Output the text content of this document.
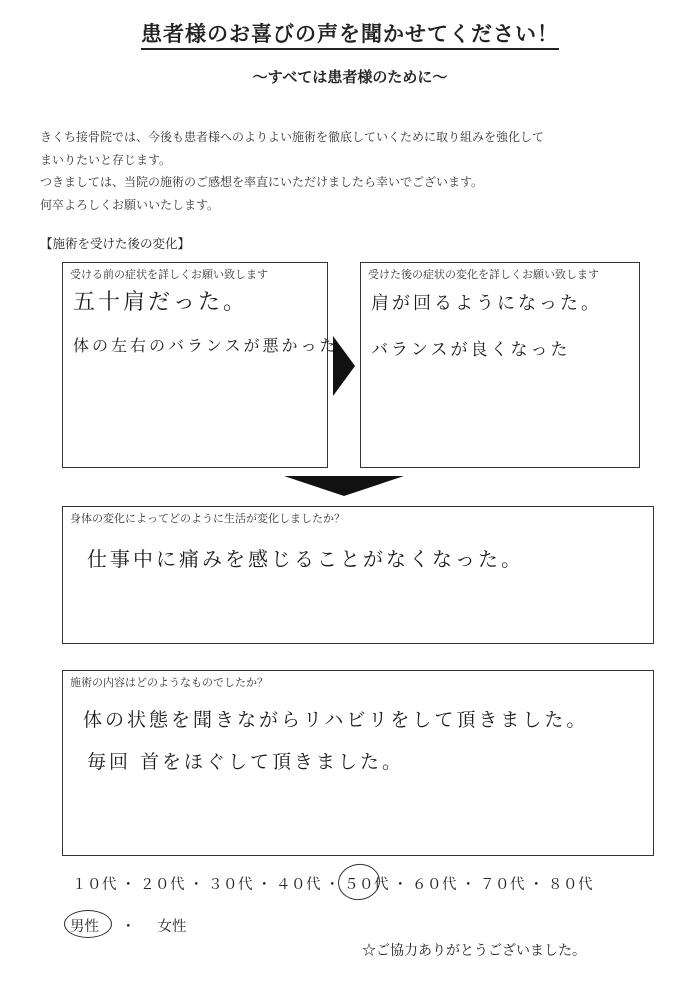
患者様のお喜びの声を聞かせてください！
～すべては患者様のために～
きくち接骨院では、今後も患者様へのよりよい施術を徹底していくために取り組みを強化して
まいりたいと存じます。
つきましては、当院の施術のご感想を率直にいただけましたら幸いでございます。
何卒よろしくお願いいたします。
【施術を受けた後の変化】
受ける前の症状を詳しくお願い致します
五十肩だった。
体の左右のバランスが悪かった
受けた後の症状の変化を詳しくお願い致します
肩が回るようになった。
バランスが良くなった
身体の変化によってどのように生活が変化しましたか？
仕事中に痛みを感じることがなくなった。
施術の内容はどのようなものでしたか？
体の状態を聞きながらリハビリをして頂きました。
毎回 首をほぐして頂きました。
１０代 ・ ２０代 ・ ３０代 ・ ４０代 ・ ５０代 ・ ６０代 ・ ７０代 ・ ８０代
男性 ・ 女性
☆ご協力ありがとうございました。
